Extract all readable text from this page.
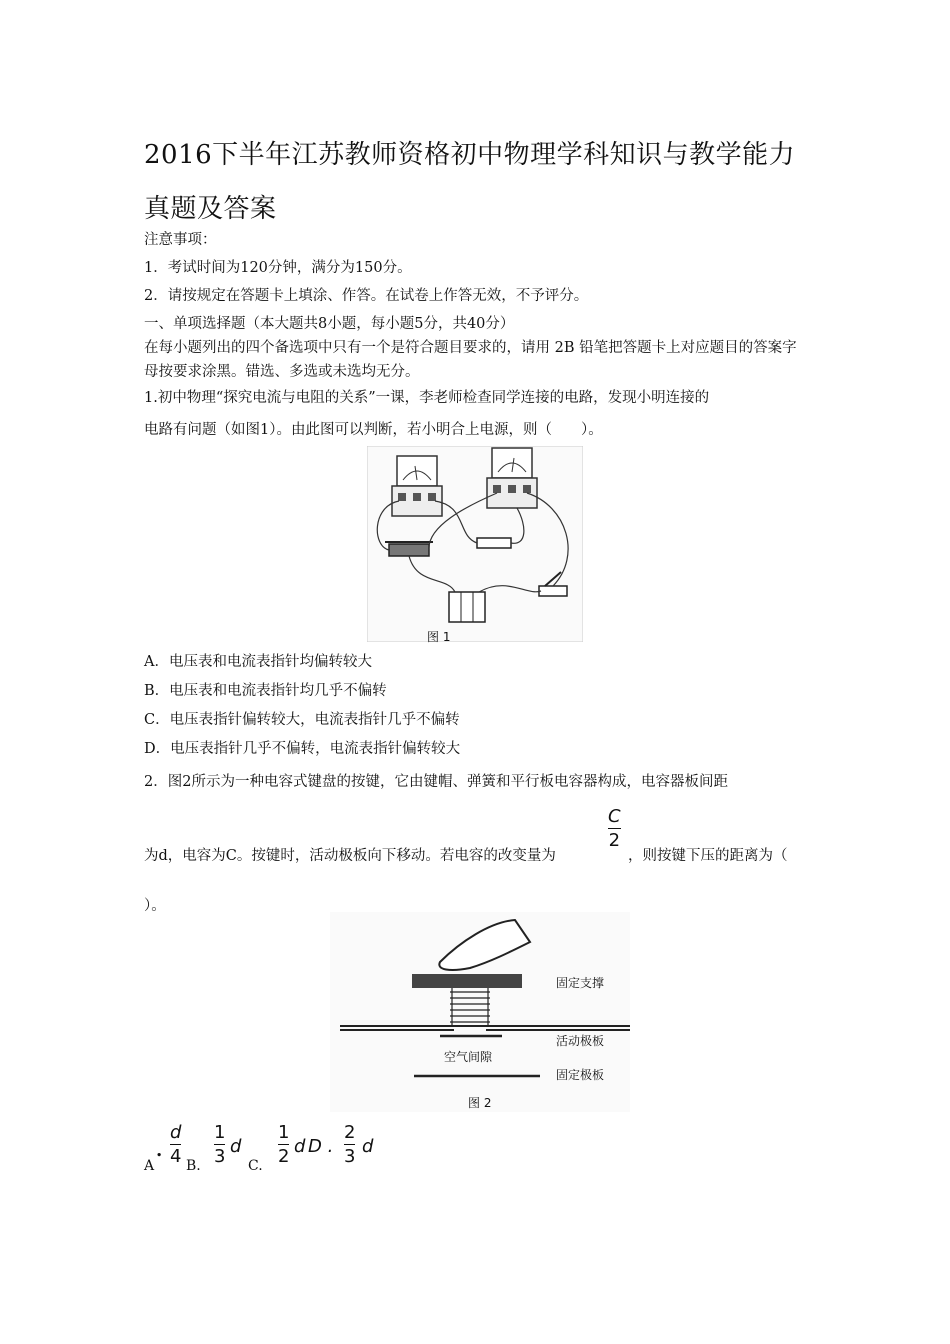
2016下半年江苏教师资格初中物理学科知识与教学能力真题及答案
注意事项：
1．考试时间为120分钟，满分为150分。
2．请按规定在答题卡上填涂、作答。在试卷上作答无效，不予评分。
一、单项选择题（本大题共8小题，每小题5分，共40分）
在每小题列出的四个备选项中只有一个是符合题目要求的，请用 2B 铅笔把答题卡上对应题目的答案字母按要求涂黑。错选、多选或未选均无分。
1.初中物理“探究电流与电阻的关系”一课，李老师检查同学连接的电路，发现小明连接的
电路有问题（如图1）。由此图可以判断，若小明合上电源，则（　　）。
图 1
A．电压表和电流表指针均偏转较大
B．电压表和电流表指针均几乎不偏转
C．电压表指针偏转较大，电流表指针几乎不偏转
D．电压表指针几乎不偏转，电流表指针偏转较大
2．图2所示为一种电容式键盘的按键，它由键帽、弹簧和平行板电容器构成，电容器板间距
为d，电容为C。按键时，活动极板向下移动。若电容的改变量为
C
2
，则按键下压的距离为（
）。
固定支撑
活动极板
空气间隙
固定极板
图 2
A
.
d
4 B.
1
3 d
C.
1
2 d D .
2
3 d
